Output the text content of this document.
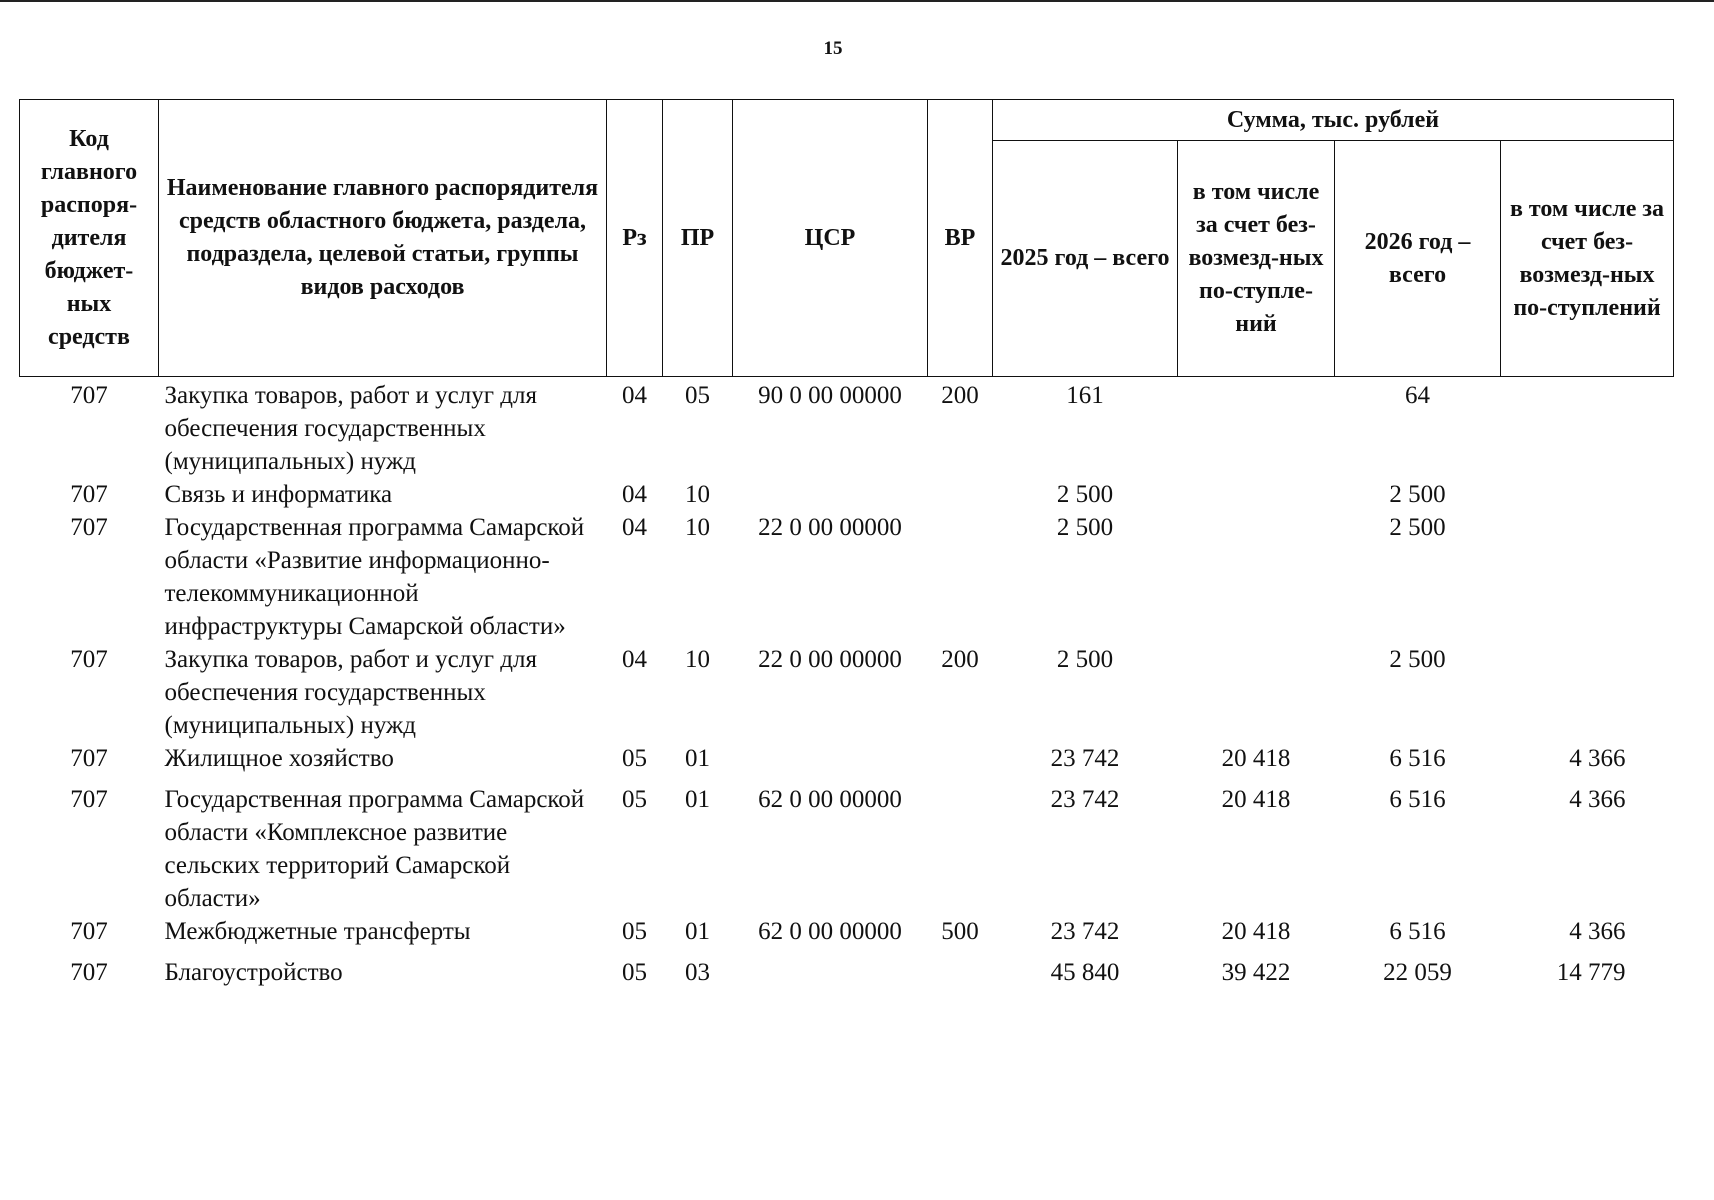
15
Код главного распоря-дителя бюджет-ных средств	Наименование главного распорядителя средств областного бюджета, раздела, подраздела, целевой статьи, группы видов расходов	Рз	ПР	ЦСР	ВР	Сумма, тыс. рублей			
						2025 год – всего	в том числе за счет без-возмезд-ных по-ступле-ний	2026 год – всего	в том числе за счет без-возмезд-ных по-ступлений
707	Закупка товаров, работ и услуг для обеспечения государственных (муниципальных) нужд	04	05	90 0 00 00000	200	161		64	
707	Связь и информатика	04	10			2 500		2 500	
707	Государственная программа Самарской области «Развитие информационно-телекоммуникационной инфраструктуры Самарской области»	04	10	22 0 00 00000		2 500		2 500	
707	Закупка товаров, работ и услуг для обеспечения государственных (муниципальных) нужд	04	10	22 0 00 00000	200	2 500		2 500	
707	Жилищное хозяйство	05	01			23 742	20 418	6 516	4 366
707	Государственная программа Самарской области «Комплексное развитие сельских территорий Самарской области»	05	01	62 0 00 00000		23 742	20 418	6 516	4 366
707	Межбюджетные трансферты	05	01	62 0 00 00000	500	23 742	20 418	6 516	4 366
707	Благоустройство	05	03			45 840	39 422	22 059	14 779
